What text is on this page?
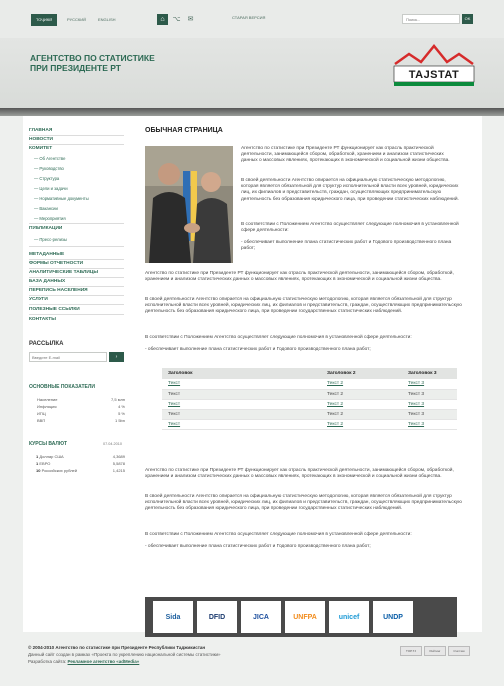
ТОҶИКӢ	РУССКИЙ	ENGLISH	⌂	⌥	✉	СТАРАЯ ВЕРСИЯ
Поиск...	OK
АГЕНТСТВО ПО СТАТИСТИКЕ
ПРИ ПРЕЗИДЕНТЕ РТ
TAJSTAT
ГЛАВНАЯ
НОВОСТИ
КОМИТЕТ
— Об Агентстве
— Руководство
— Структура
— Цели и задачи
— Нормативные документы
— Вакансии
— Мероприятия
ПУБЛИКАЦИИ
— Пресс-релизы
МЕТАДАННЫЕ
ФОРМЫ ОТЧЕТНОСТИ
АНАЛИТИЧЕСКИЕ ТАБЛИЦЫ
БАЗА ДАННЫХ
ПЕРЕПИСЬ НАСЕЛЕНИЯ
УСЛУГИ
ПОЛЕЗНЫЕ ССЫЛКИ
КОНТАКТЫ
РАССЫЛКА
Введите E-mail
›
ОСНОВНЫЕ ПОКАЗАТЕЛИ
Население	7,5 млн
Инфляция	4 %
ИПЦ	5 %
ВВП	1 5bn
КУРСЫ ВАЛЮТ	07.04.2010
1 Доллар США	4,3689
1 ЕВРО	5,5878
10 Российских рублей	1,4215
ОБЫЧНАЯ СТРАНИЦА
Агентство по статистике при Президенте РТ функционирует как отрасль практической деятельности, занимающейся сбором, обработкой, хранением и анализом статистических данных о массовых явлениях, протекающих в экономической и социальной жизни общества.
В своей деятельности Агентство опирается на официальную статистическую методологию, которая является обязательной для структур исполнительной власти всех уровней, юридических лиц, их филиалов и представительств, граждан, осуществляющих предпринимательскую деятельность без образования юридического лица, при проведении статистических наблюдений.
В соответствии с Положением Агентство осуществляет следующие полномочия в установленной сфере деятельности:
- обеспечивает выполнение плана статистических работ и Годового производственного плана работ;
Агентство по статистике при Президенте РТ функционирует как отрасль практической деятельности, занимающейся сбором, обработкой, хранением и анализом статистических данных о массовых явлениях, протекающих в экономической и социальной жизни общества.
В своей деятельности Агентство опирается на официальную статистическую методологию, которая является обязательной для структур исполнительной власти всех уровней, юридических лиц, их филиалов и представительств, граждан, осуществляющих предпринимательскую деятельность без образования юридического лица, при проведении государственных статистических наблюдений.
В соответствии с Положением Агентство осуществляет следующие полномочия в установленной сфере деятельности:
- обеспечивает выполнение плана статистических работ и Годового производственного плана работ;
Заголовок	Заголовок 2	Заголовок 3
Текст	Текст 2	Текст 3
Текст	Текст 2	Текст 3
Текст	Текст 2	Текст 3
Текст	Текст 2	Текст 3
Текст	Текст 2	Текст 3
Агентство по статистике при Президенте РТ функционирует как отрасль практической деятельности, занимающейся сбором, обработкой, хранением и анализом статистических данных о массовых явлениях, протекающих в экономической и социальной жизни общества.
В своей деятельности Агентство опирается на официальную статистическую методологию, которая является обязательной для структур исполнительной власти всех уровней, юридических лиц, их филиалов и представительств, граждан, осуществляющих предпринимательскую деятельность без образования юридического лица, при проведении государственных статистических наблюдений.
В соответствии с Положением Агентство осуществляет следующие полномочия в установленной сфере деятельности:
- обеспечивает выполнение плана статистических работ и Годового производственного плана работ;
Sida	DFID	JICA	UNFPA	unicef	UNDP
© 2004-2010 Агентство по статистике при Президенте Республики Таджикистан
Данный сайт создан в рамках «Проекта по укреплению национальной системы статистики»
Разработка сайта: Рекламное агентство «adMedia»
TOP.TJ	Рейтинг	Счётчик
